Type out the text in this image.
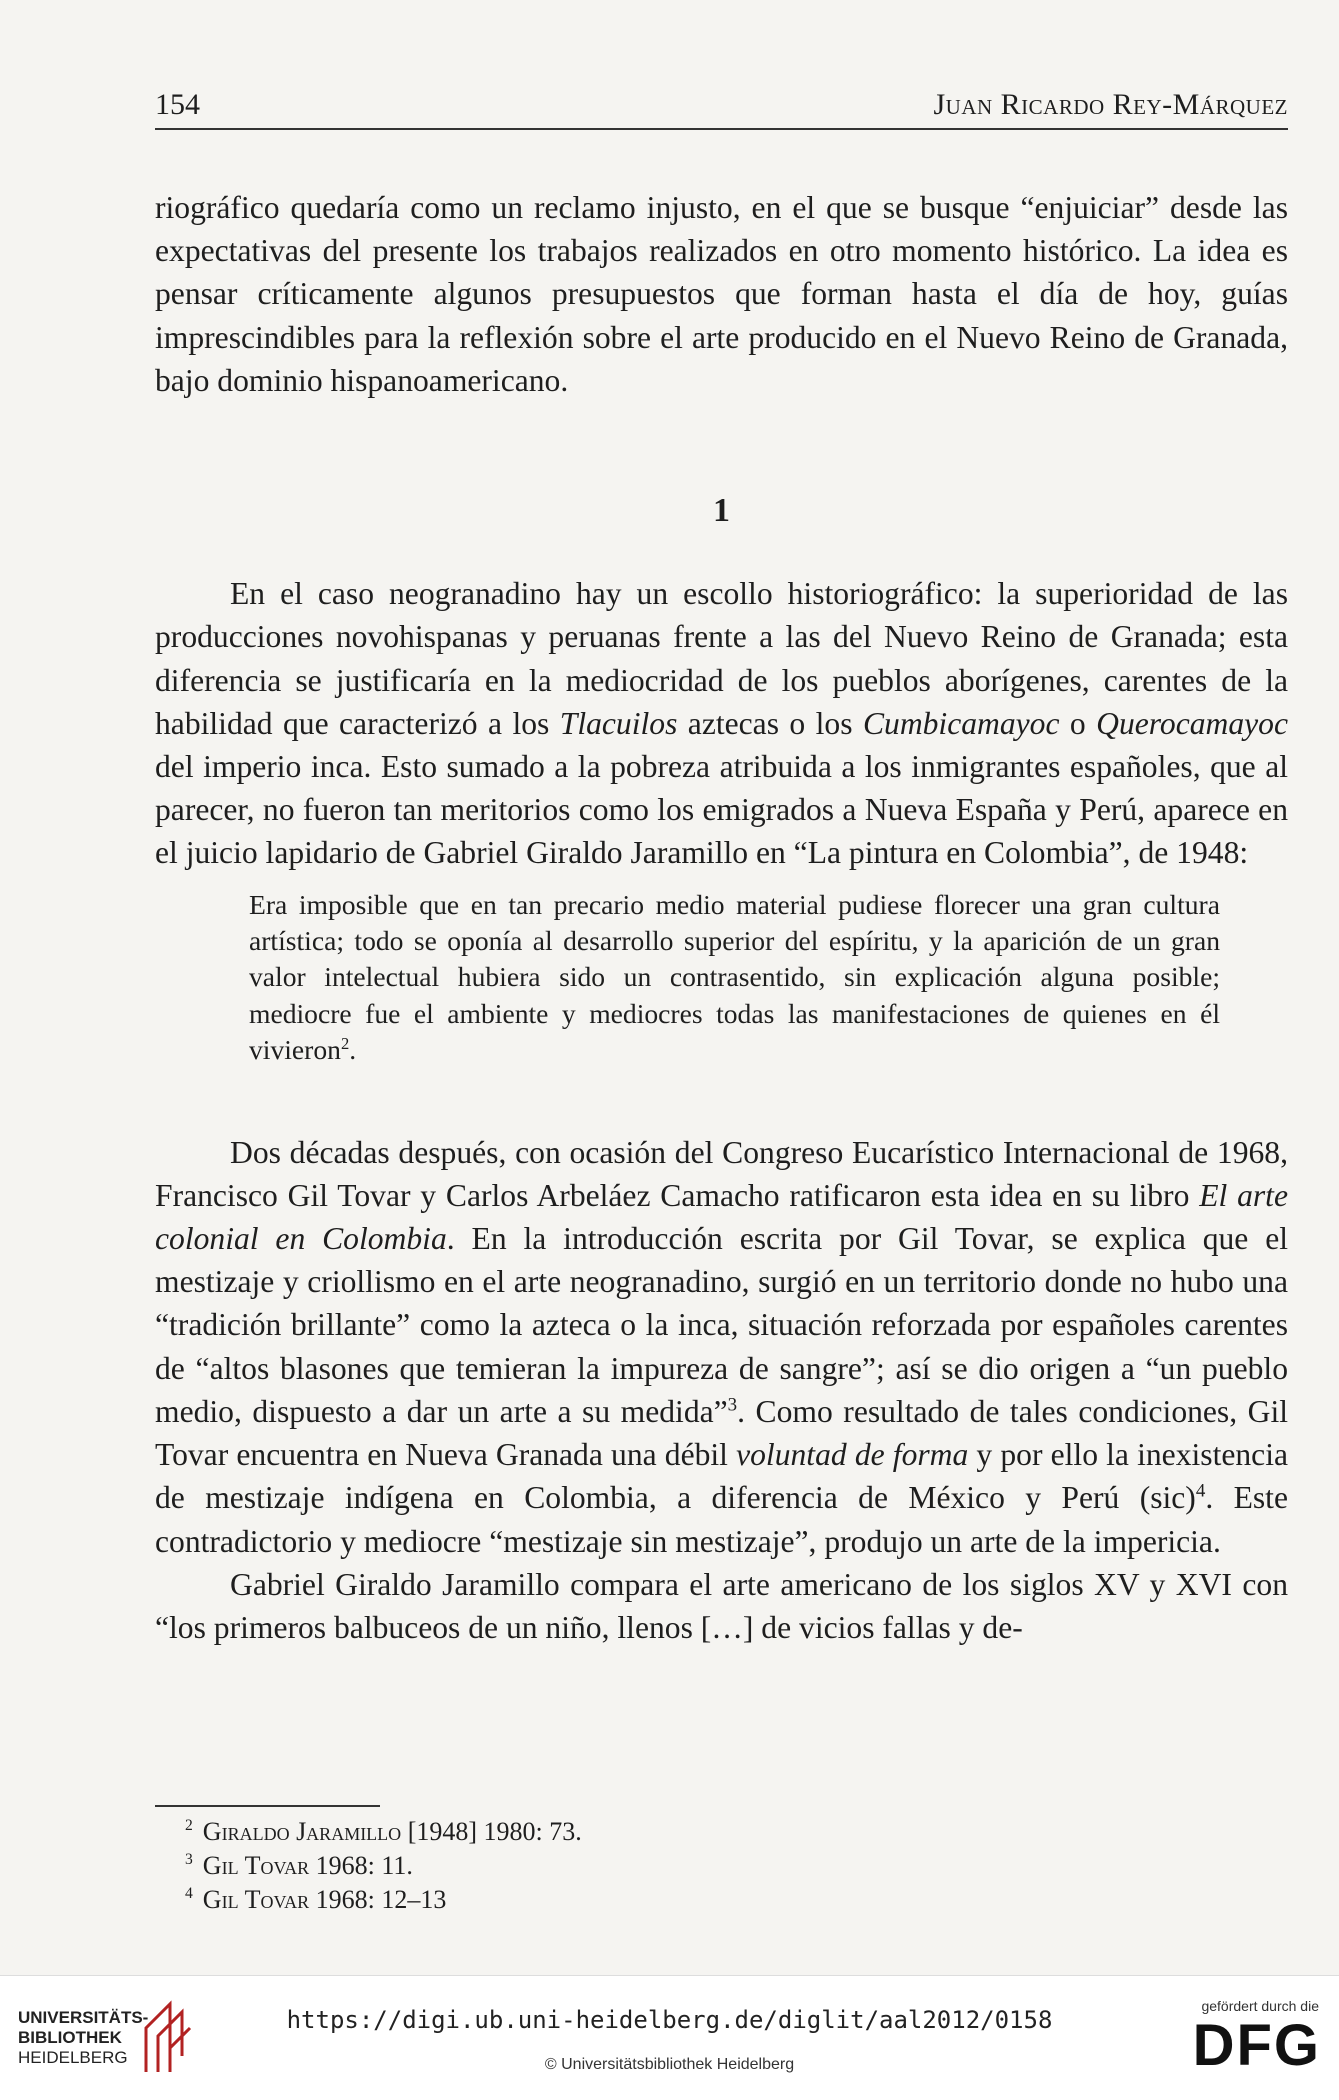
154	Juan Ricardo Rey-Márquez

riográfico quedaría como un reclamo injusto, en el que se busque “enjuiciar” desde las expectativas del presente los trabajos realizados en otro momento histórico. La idea es pensar críticamente algunos presupuestos que forman hasta el día de hoy, guías imprescindibles para la reflexión sobre el arte producido en el Nuevo Reino de Granada, bajo dominio hispanoamericano.

1

En el caso neogranadino hay un escollo historiográfico: la superioridad de las producciones novohispanas y peruanas frente a las del Nuevo Reino de Granada; esta diferencia se justificaría en la mediocridad de los pueblos aborígenes, carentes de la habilidad que caracterizó a los Tlacuilos aztecas o los Cumbicamayoc o Querocamayoc del imperio inca. Esto sumado a la pobreza atribuida a los inmigrantes españoles, que al parecer, no fueron tan meritorios como los emigrados a Nueva España y Perú, aparece en el juicio lapidario de Gabriel Giraldo Jaramillo en “La pintura en Colombia”, de 1948:

Era imposible que en tan precario medio material pudiese florecer una gran cultura artística; todo se oponía al desarrollo superior del espíritu, y la aparición de un gran valor intelectual hubiera sido un contrasentido, sin explicación alguna posible; mediocre fue el ambiente y mediocres todas las manifestaciones de quienes en él vivieron$^2$.

Dos décadas después, con ocasión del Congreso Eucarístico Internacional de 1968, Francisco Gil Tovar y Carlos Arbeláez Camacho ratificaron esta idea en su libro El arte colonial en Colombia. En la introducción escrita por Gil Tovar, se explica que el mestizaje y criollismo en el arte neogranadino, surgió en un territorio donde no hubo una “tradición brillante” como la azteca o la inca, situación reforzada por españoles carentes de “altos blasones que temieran la impureza de sangre”; así se dio origen a “un pueblo medio, dispuesto a dar un arte a su medida”$^3$. Como resultado de tales condiciones, Gil Tovar encuentra en Nueva Granada una débil voluntad de forma y por ello la inexistencia de mestizaje indígena en Colombia, a diferencia de México y Perú (sic)$^4$. Este contradictorio y mediocre “mestizaje sin mestizaje”, produjo un arte de la impericia.

Gabriel Giraldo Jaramillo compara el arte americano de los siglos XV y XVI con “los primeros balbuceos de un niño, llenos […] de vicios fallas y de-

$^2$ Giraldo Jaramillo [1948] 1980: 73.

$^3$ Gil Tovar 1968: 11.

$^4$ Gil Tovar 1968: 12–13

UNIVERSITÄTS-
BIBLIOTHEK
HEIDELBERG
https://digi.ub.uni-heidelberg.de/diglit/aal2012/0158
© Universitätsbibliothek Heidelberg
gefördert durch die
DFG
